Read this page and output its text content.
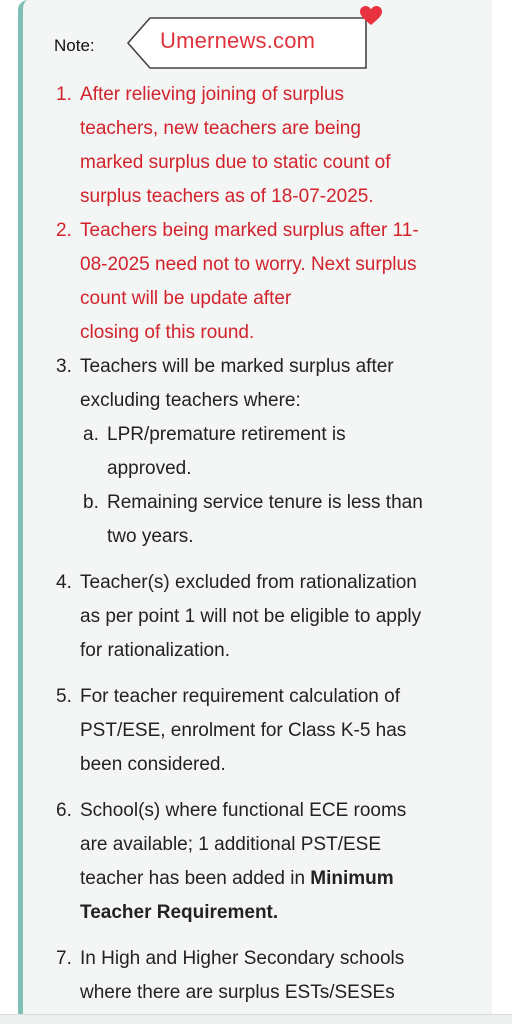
Note:	Umernews.com
1. After relieving joining of surplus
teachers, new teachers are being
marked surplus due to static count of
surplus teachers as of 18-07-2025.
2. Teachers being marked surplus after 11-
08-2025 need not to worry. Next surplus
count will be update after
closing of this round.
3. Teachers will be marked surplus after
excluding teachers where:
a. LPR/premature retirement is
approved.
b. Remaining service tenure is less than
two years.
4. Teacher(s) excluded from rationalization
as per point 1 will not be eligible to apply
for rationalization.
5. For teacher requirement calculation of
PST/ESE, enrolment for Class K-5 has
been considered.
6. School(s) where functional ECE rooms
are available; 1 additional PST/ESE
teacher has been added in Minimum
Teacher Requirement.
7. In High and Higher Secondary schools
where there are surplus ESTs/SESEs
